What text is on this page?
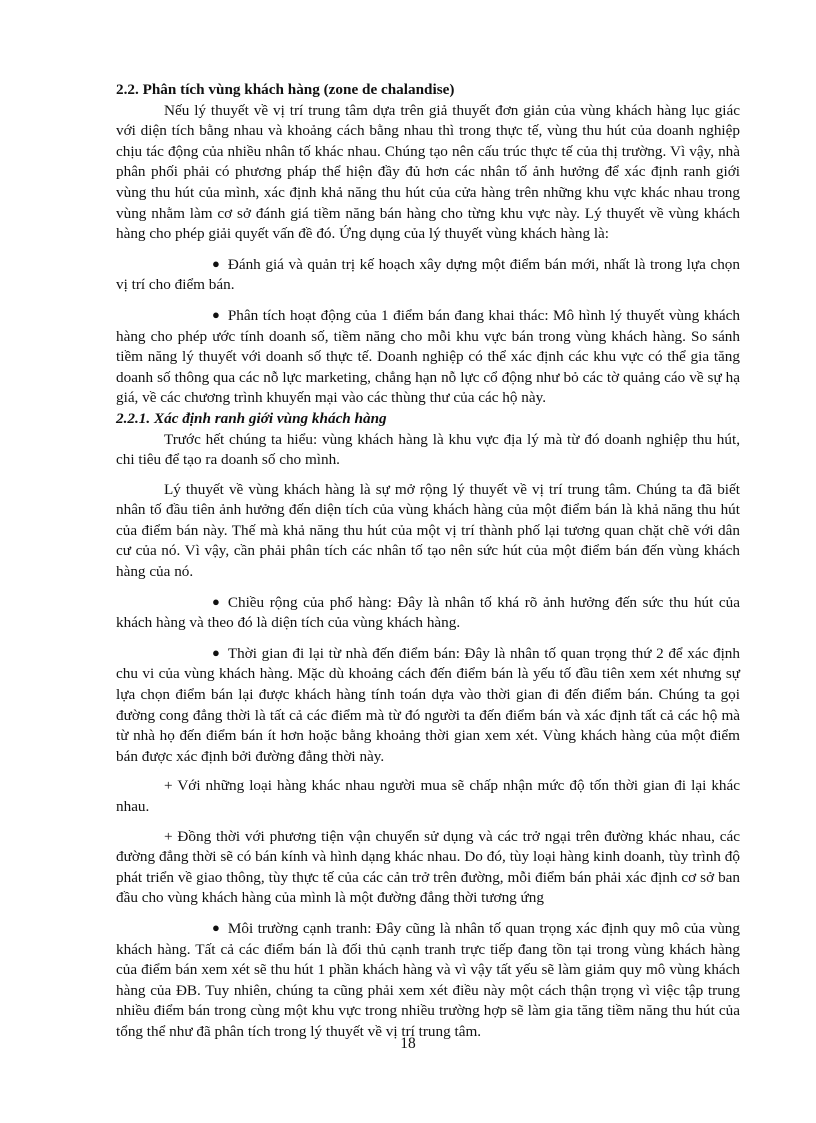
2.2. Phân tích vùng khách hàng (zone de chalandise)

Nếu lý thuyết về vị trí trung tâm dựa trên giả thuyết đơn giản của vùng khách hàng lục giác với diện tích bằng nhau và khoảng cách bằng nhau thì trong thực tế, vùng thu hút của doanh nghiệp chịu tác động của nhiều nhân tố khác nhau. Chúng tạo nên cấu trúc thực tế của thị trường. Vì vậy, nhà phân phối phải có phương pháp thể hiện đầy đủ hơn các nhân tố ảnh hưởng để xác định ranh giới vùng thu hút của mình, xác định khả năng thu hút của cửa hàng trên những khu vực khác nhau trong vùng nhằm làm cơ sở đánh giá tiềm năng bán hàng cho từng khu vực này. Lý thuyết về vùng khách hàng cho phép giải quyết vấn đề đó. Ứng dụng của lý thuyết vùng khách hàng là:

● Đánh giá và quản trị kế hoạch xây dựng một điểm bán mới, nhất là trong lựa chọn vị trí cho điểm bán.

● Phân tích hoạt động của 1 điểm bán đang khai thác: Mô hình lý thuyết vùng khách hàng cho phép ước tính doanh số, tiềm năng cho mỗi khu vực bán trong vùng khách hàng. So sánh tiềm năng lý thuyết với doanh số thực tế. Doanh nghiệp có thể xác định các khu vực có thể gia tăng doanh số thông qua các nỗ lực marketing, chẳng hạn nỗ lực cổ động như bỏ các tờ quảng cáo về sự hạ giá, về các chương trình khuyến mại vào các thùng thư của các hộ này.

2.2.1. Xác định ranh giới vùng khách hàng

Trước hết chúng ta hiểu: vùng khách hàng là khu vực địa lý mà từ đó doanh nghiệp thu hút, chi tiêu để tạo ra doanh số cho mình.

Lý thuyết về vùng khách hàng là sự mở rộng lý thuyết về vị trí trung tâm. Chúng ta đã biết nhân tố đầu tiên ảnh hưởng đến diện tích của vùng khách hàng của một điểm bán là khả năng thu hút của điểm bán này. Thế mà khả năng thu hút của một vị trí thành phố lại tương quan chặt chẽ với dân cư của nó. Vì vậy, cần phải phân tích các nhân tố tạo nên sức hút của một điểm bán đến vùng khách hàng của nó.

● Chiều rộng của phổ hàng: Đây là nhân tố khá rõ ảnh hưởng đến sức thu hút của khách hàng và theo đó là diện tích của vùng khách hàng.

● Thời gian đi lại từ nhà đến điểm bán: Đây là nhân tố quan trọng thứ 2 để xác định chu vi của vùng khách hàng. Mặc dù khoảng cách đến điểm bán là yếu tố đầu tiên xem xét nhưng sự lựa chọn điểm bán lại được khách hàng tính toán dựa vào thời gian đi đến điểm bán. Chúng ta gọi đường cong đẳng thời là tất cả các điểm mà từ đó người ta đến điểm bán và xác định tất cả các hộ mà từ nhà họ đến điểm bán ít hơn hoặc bằng khoảng thời gian xem xét. Vùng khách hàng của một điểm bán được xác định bởi đường đẳng thời này.

+ Với những loại hàng khác nhau người mua sẽ chấp nhận mức độ tốn thời gian đi lại khác nhau.

+ Đồng thời với phương tiện vận chuyển sử dụng và các trở ngại trên đường khác nhau, các đường đẳng thời sẽ có bán kính và hình dạng khác nhau. Do đó, tùy loại hàng kinh doanh, tùy trình độ phát triển về giao thông, tùy thực tế của các cản trở trên đường, mỗi điểm bán phải xác định cơ sở ban đầu cho vùng khách hàng của mình là một đường đẳng thời tương ứng

● Môi trường cạnh tranh: Đây cũng là nhân tố quan trọng xác định quy mô của vùng khách hàng. Tất cả các điểm bán là đối thủ cạnh tranh trực tiếp đang tồn tại trong vùng khách hàng của điểm bán xem xét sẽ thu hút 1 phần khách hàng và vì vậy tất yếu sẽ làm giảm quy mô vùng khách hàng của ĐB. Tuy nhiên, chúng ta cũng phải xem xét điều này một cách thận trọng vì việc tập trung nhiều điểm bán trong cùng một khu vực trong nhiều trường hợp sẽ làm gia tăng tiềm năng thu hút của tổng thể như đã phân tích trong lý thuyết về vị trí trung tâm.

18
